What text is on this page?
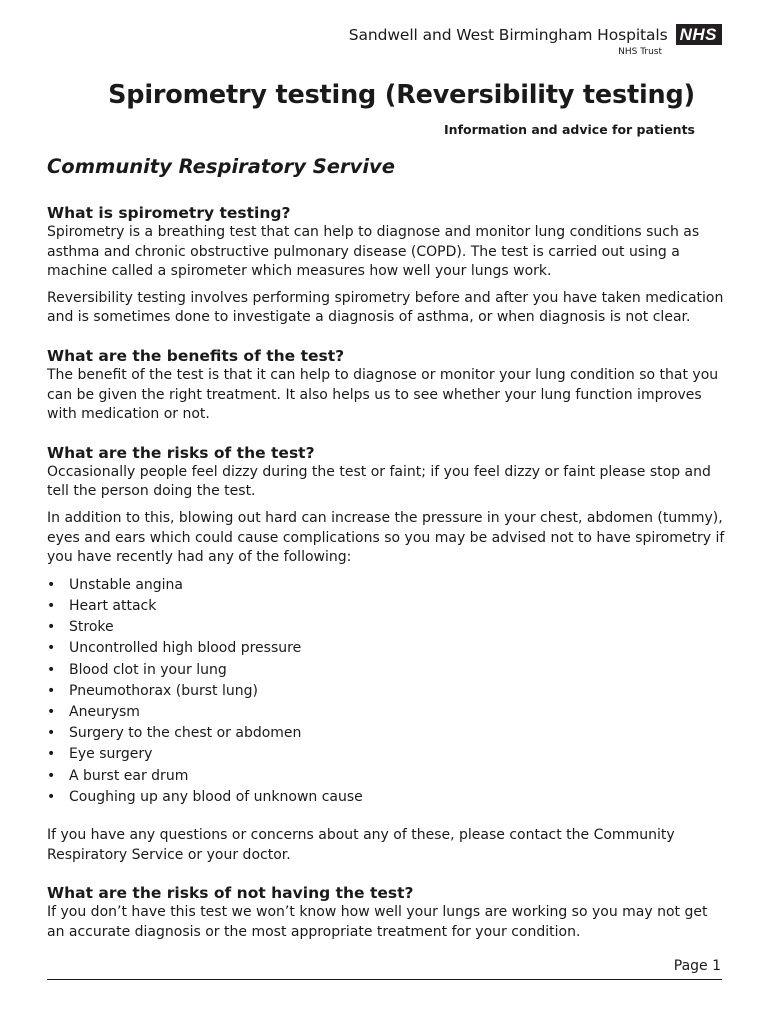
Sandwell and West Birmingham Hospitals NHS
NHS Trust
Spirometry testing (Reversibility testing)

Information and advice for patients

Community Respiratory Servive
What is spirometry testing?

Spirometry is a breathing test that can help to diagnose and monitor lung conditions such as asthma and chronic obstructive pulmonary disease (COPD). The test is carried out using a machine called a spirometer which measures how well your lungs work.

Reversibility testing involves performing spirometry before and after you have taken medication and is sometimes done to investigate a diagnosis of asthma, or when diagnosis is not clear.

What are the benefits of the test?

The benefit of the test is that it can help to diagnose or monitor your lung condition so that you can be given the right treatment. It also helps us to see whether your lung function improves with medication or not.

What are the risks of the test?

Occasionally people feel dizzy during the test or faint; if you feel dizzy or faint please stop and tell the person doing the test.

In addition to this, blowing out hard can increase the pressure in your chest, abdomen (tummy), eyes and ears which could cause complications so you may be advised not to have spirometry if you have recently had any of the following:

• Unstable angina
• Heart attack
• Stroke
• Uncontrolled high blood pressure
• Blood clot in your lung
• Pneumothorax (burst lung)
• Aneurysm
• Surgery to the chest or abdomen
• Eye surgery
• A burst ear drum
• Coughing up any blood of unknown cause

If you have any questions or concerns about any of these, please contact the Community Respiratory Service or your doctor.

What are the risks of not having the test?

If you don’t have this test we won’t know how well your lungs are working so you may not get an accurate diagnosis or the most appropriate treatment for your condition.

Page 1
